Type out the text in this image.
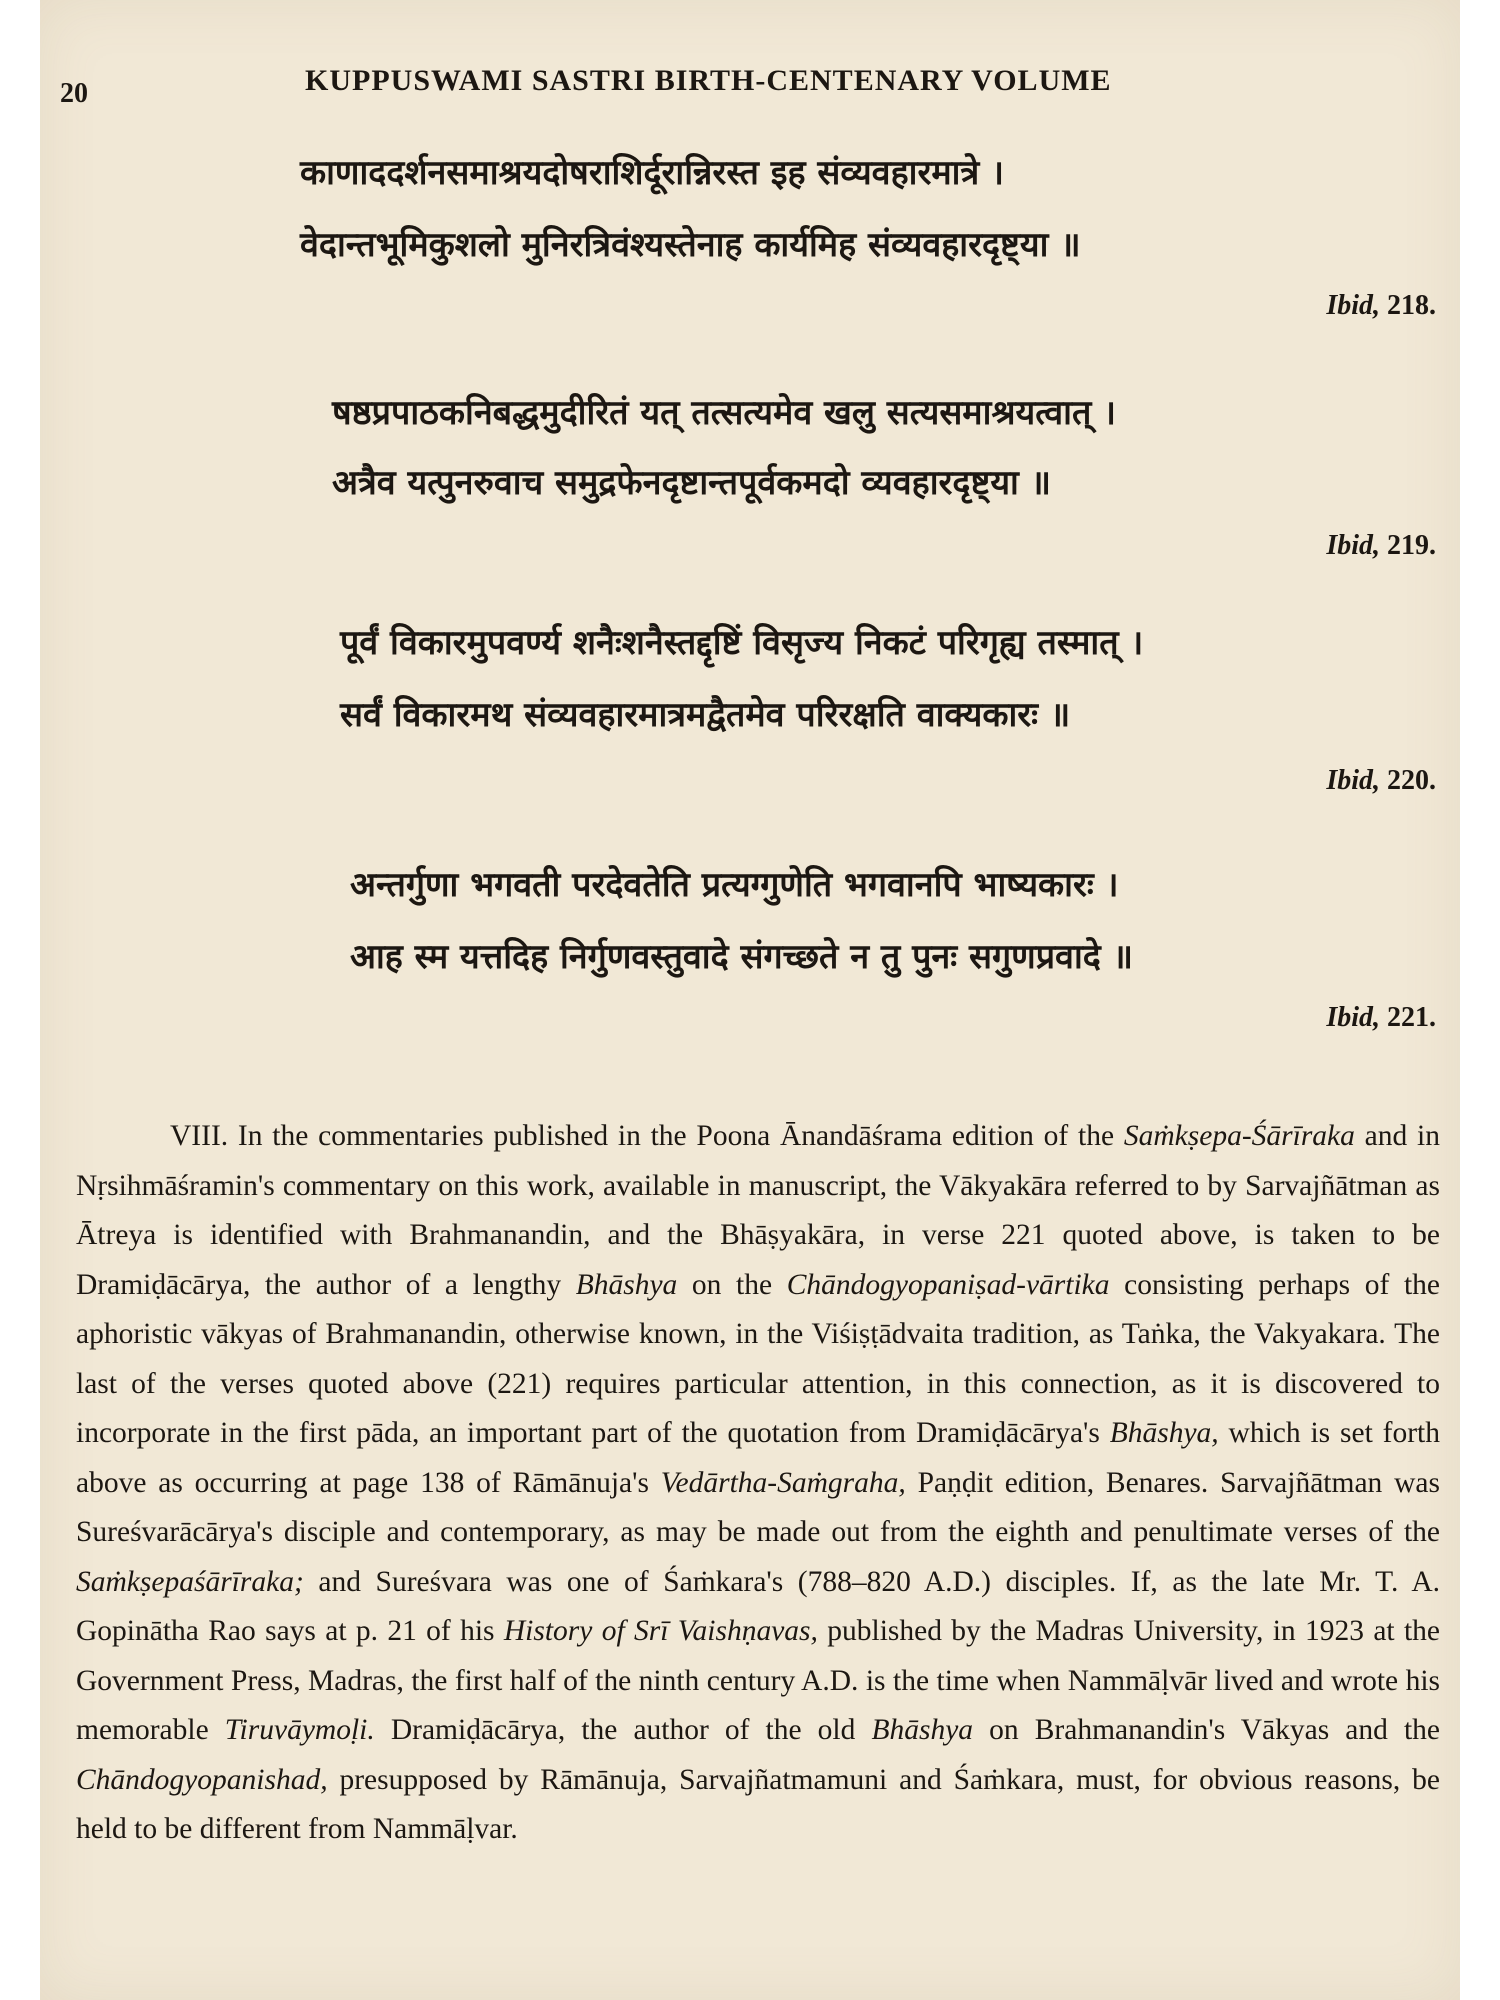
20	KUPPUSWAMI SASTRI BIRTH-CENTENARY VOLUME
काणाददर्शनसमाश्रयदोषराशिर्दूरान्निरस्त इह संव्यवहारमात्रे ।
वेदान्तभूमिकुशलो मुनिरत्रिवंश्यस्तेनाह कार्यमिह संव्यवहारदृष्ट्या ॥
Ibid, 218.
षष्ठप्रपाठकनिबद्धमुदीरितं यत् तत्सत्यमेव खलु सत्यसमाश्रयत्वात् ।
अत्रैव यत्पुनरुवाच समुद्रफेनदृष्टान्तपूर्वकमदो व्यवहारदृष्ट्या ॥
Ibid, 219.
पूर्वं विकारमुपवर्ण्य शनैःशनैस्तद्दृष्टिं विसृज्य निकटं परिगृह्य तस्मात् ।
सर्वं विकारमथ संव्यवहारमात्रमद्वैतमेव परिरक्षति वाक्यकारः ॥
Ibid, 220.
अन्तर्गुणा भगवती परदेवतेति प्रत्यग्गुणेति भगवानपि भाष्यकारः ।
आह स्म यत्तदिह निर्गुणवस्तुवादे संगच्छते न तु पुनः सगुणप्रवादे ॥
Ibid, 221.

VIII. In the commentaries published in the Poona Ānandāśrama edition of the Saṁkṣepa-Śārīraka and in Nṛsihmāśramin's commentary on this work, available in manuscript, the Vākyakāra referred to by Sarvajñātman as Ātreya is identified with Brahmanandin, and the Bhāṣyakāra, in verse 221 quoted above, is taken to be Dramiḍācārya, the author of a lengthy Bhāshya on the Chāndogyopaniṣad-vārtika consisting perhaps of the aphoristic vākyas of Brahmanandin, otherwise known, in the Viśiṣṭādvaita tradition, as Taṅka, the Vakyakara. The last of the verses quoted above (221) requires particular attention, in this connection, as it is discovered to incorporate in the first pāda, an important part of the quotation from Dramiḍācārya's Bhāshya, which is set forth above as occurring at page 138 of Rāmānuja's Vedārtha-Saṁgraha, Paṇḍit edition, Benares. Sarvajñātman was Sureśvarācārya's disciple and contemporary, as may be made out from the eighth and penultimate verses of the Saṁkṣepaśārīraka; and Sureśvara was one of Śaṁkara's (788–820 A.D.) disciples. If, as the late Mr. T. A. Gopinātha Rao says at p. 21 of his History of Srī Vaishṇavas, published by the Madras University, in 1923 at the Government Press, Madras, the first half of the ninth century A.D. is the time when Nammāḷvār lived and wrote his memorable Tiruvāymoḷi. Dramiḍācārya, the author of the old Bhāshya on Brahmanandin's Vākyas and the Chāndogyopanishad, presupposed by Rāmānuja, Sarvajñatmamuni and Śaṁkara, must, for obvious reasons, be held to be different from Nammāḷvar.
